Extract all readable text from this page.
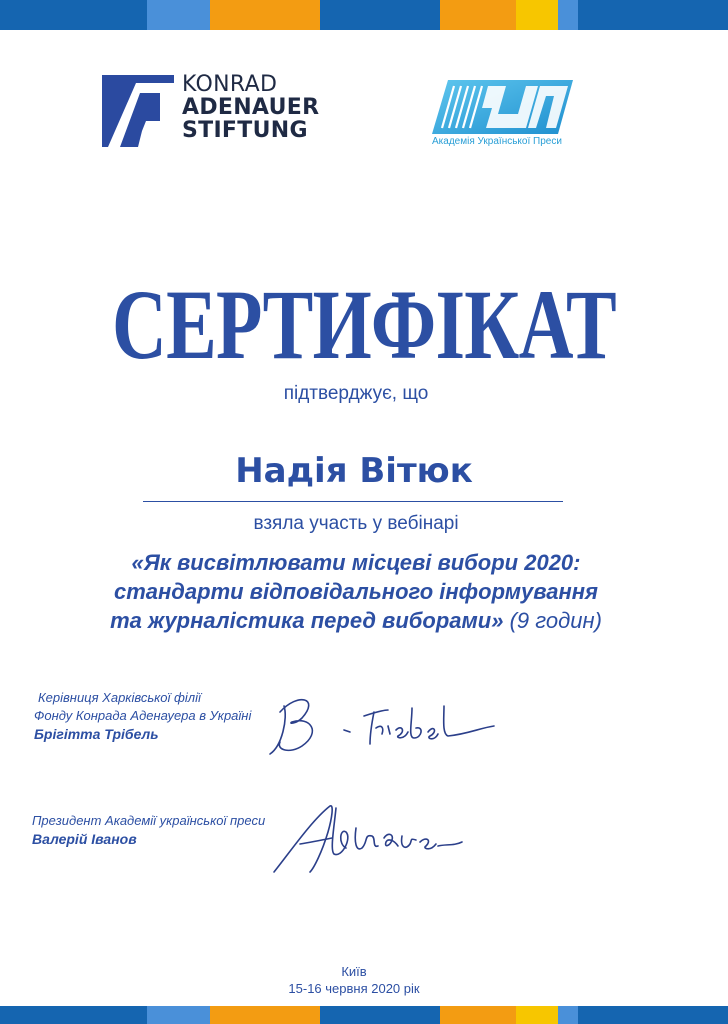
KONRAD
ADENAUER
STIFTUNG	Академія Української Преси
СЕРТИФІКАТ
підтверджує, що
Надія Вітюк
взяла участь у вебінарі
«Як висвітлювати місцеві вибори 2020:
стандарти відповідального інформування
та журналістика перед виборами» (9 годин)
Керівниця Харківської філії
Фонду Конрада Аденауера в Україні
Брігітта Трібель
Президент Академії української преси
Валерій Іванов
Київ
15-16 червня 2020 рік
